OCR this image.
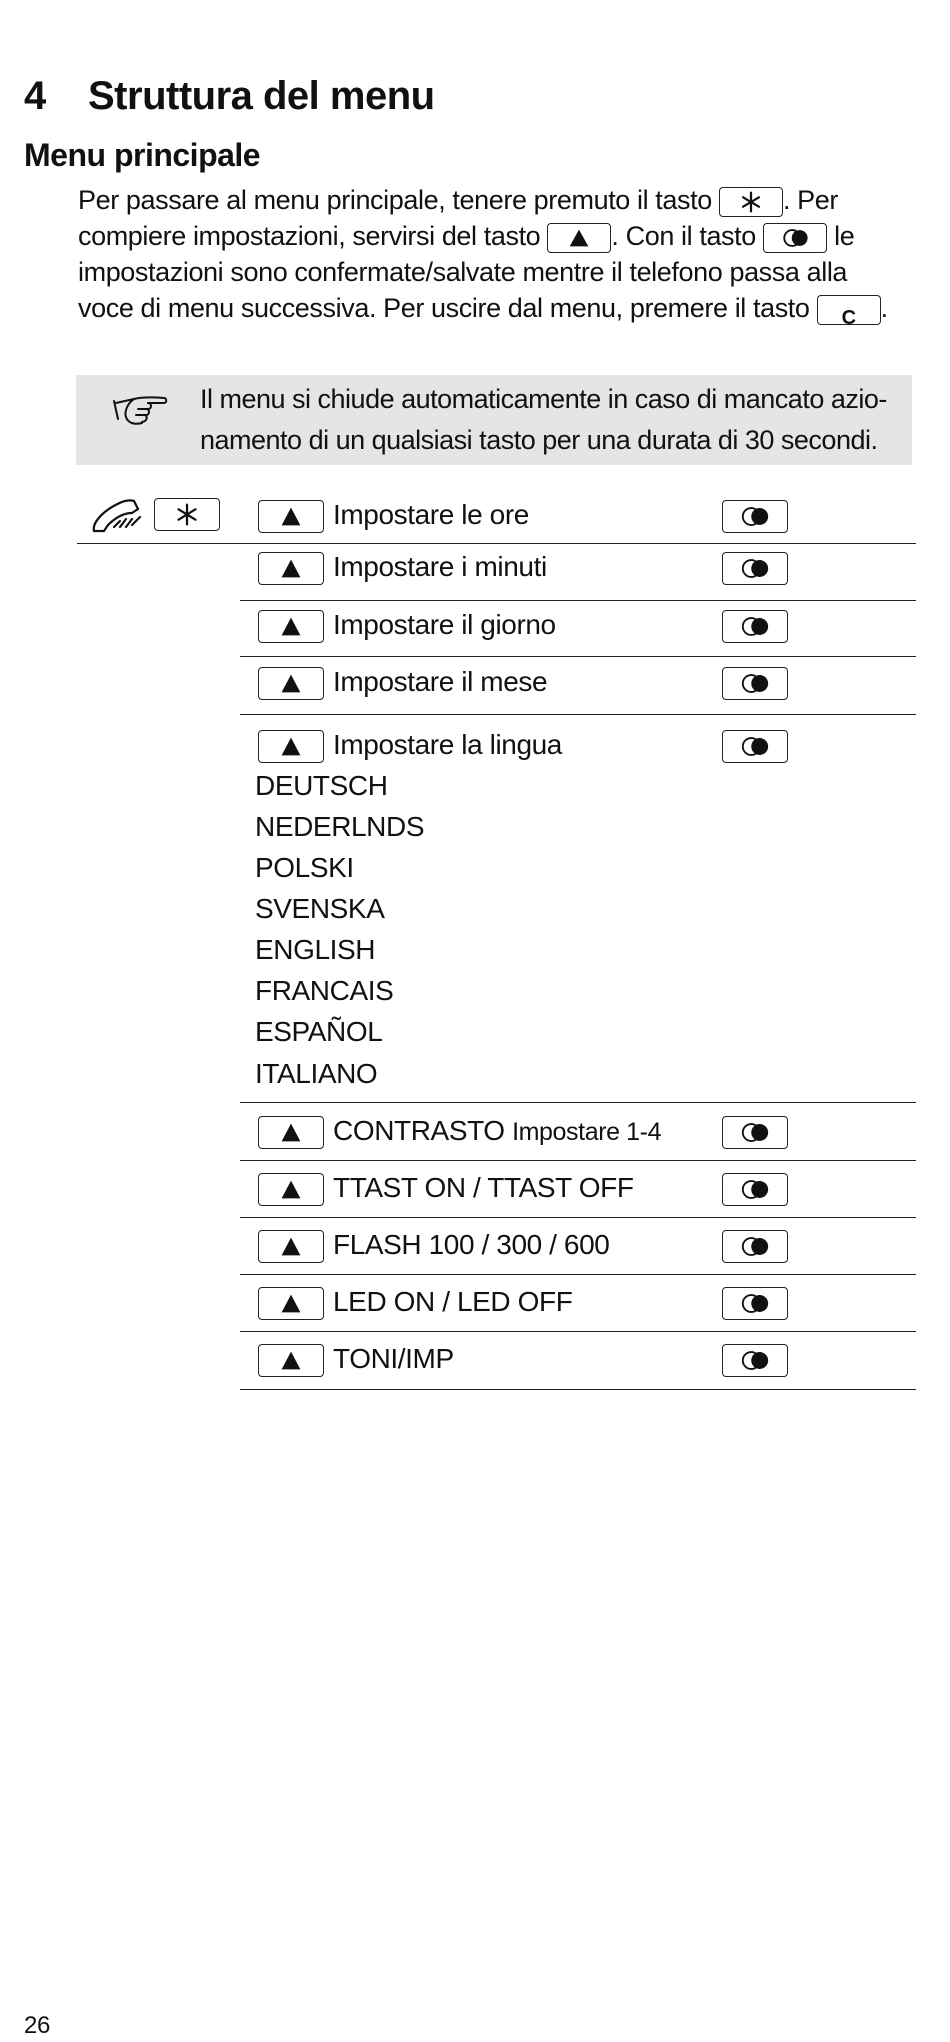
4 Struttura del menu
Menu principale
Per passare al menu principale, tenere premuto il tasto	. Per
compiere impostazioni, servirsi del tasto	. Con il tasto	le
impostazioni sono confermate/salvate mentre il telefono passa alla
voce di menu successiva. Per uscire dal menu, premere il tasto	C .
Il menu si chiude automaticamente in caso di mancato azio-
namento di un qualsiasi tasto per una durata di 30 secondi.
Impostare le ore
Impostare i minuti
Impostare il giorno
Impostare il mese
Impostare la lingua
DEUTSCH
NEDERLNDS
POLSKI
SVENSKA
ENGLISH
FRANCAIS
ESPAÑOL
ITALIANO
CONTRASTO Impostare 1-4
TTAST ON / TTAST OFF
FLASH 100 / 300 / 600
LED ON / LED OFF
TONI/IMP
26
